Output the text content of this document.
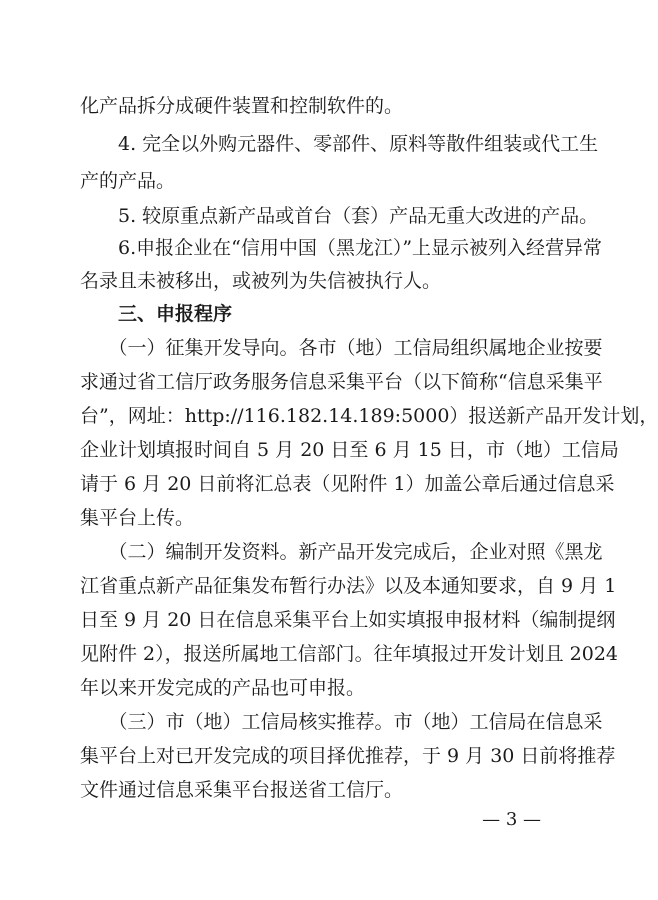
化产品拆分成硬件装置和控制软件的。
　　4. 完全以外购元器件、零部件、原料等散件组装或代工生
产的产品。
　　5. 较原重点新产品或首台（套）产品无重大改进的产品。
　　6.申报企业在“信用中国（黑龙江）”上显示被列入经营异常
名录且未被移出，或被列为失信被执行人。
　　三、申报程序
　　（一）征集开发导向。各市（地）工信局组织属地企业按要
求通过省工信厅政务服务信息采集平台（以下简称“信息采集平
台”，网址：http://116.182.14.189:5000）报送新产品开发计划，
企业计划填报时间自 5 月 20 日至 6 月 15 日，市（地）工信局
请于 6 月 20 日前将汇总表（见附件 1）加盖公章后通过信息采
集平台上传。
　　（二）编制开发资料。新产品开发完成后，企业对照《黑龙
江省重点新产品征集发布暂行办法》以及本通知要求，自 9 月 1
日至 9 月 20 日在信息采集平台上如实填报申报材料（编制提纲
见附件 2），报送所属地工信部门。往年填报过开发计划且 2024
年以来开发完成的产品也可申报。
　　（三）市（地）工信局核实推荐。市（地）工信局在信息采
集平台上对已开发完成的项目择优推荐，于 9 月 30 日前将推荐
文件通过信息采集平台报送省工信厅。
— 3 —
